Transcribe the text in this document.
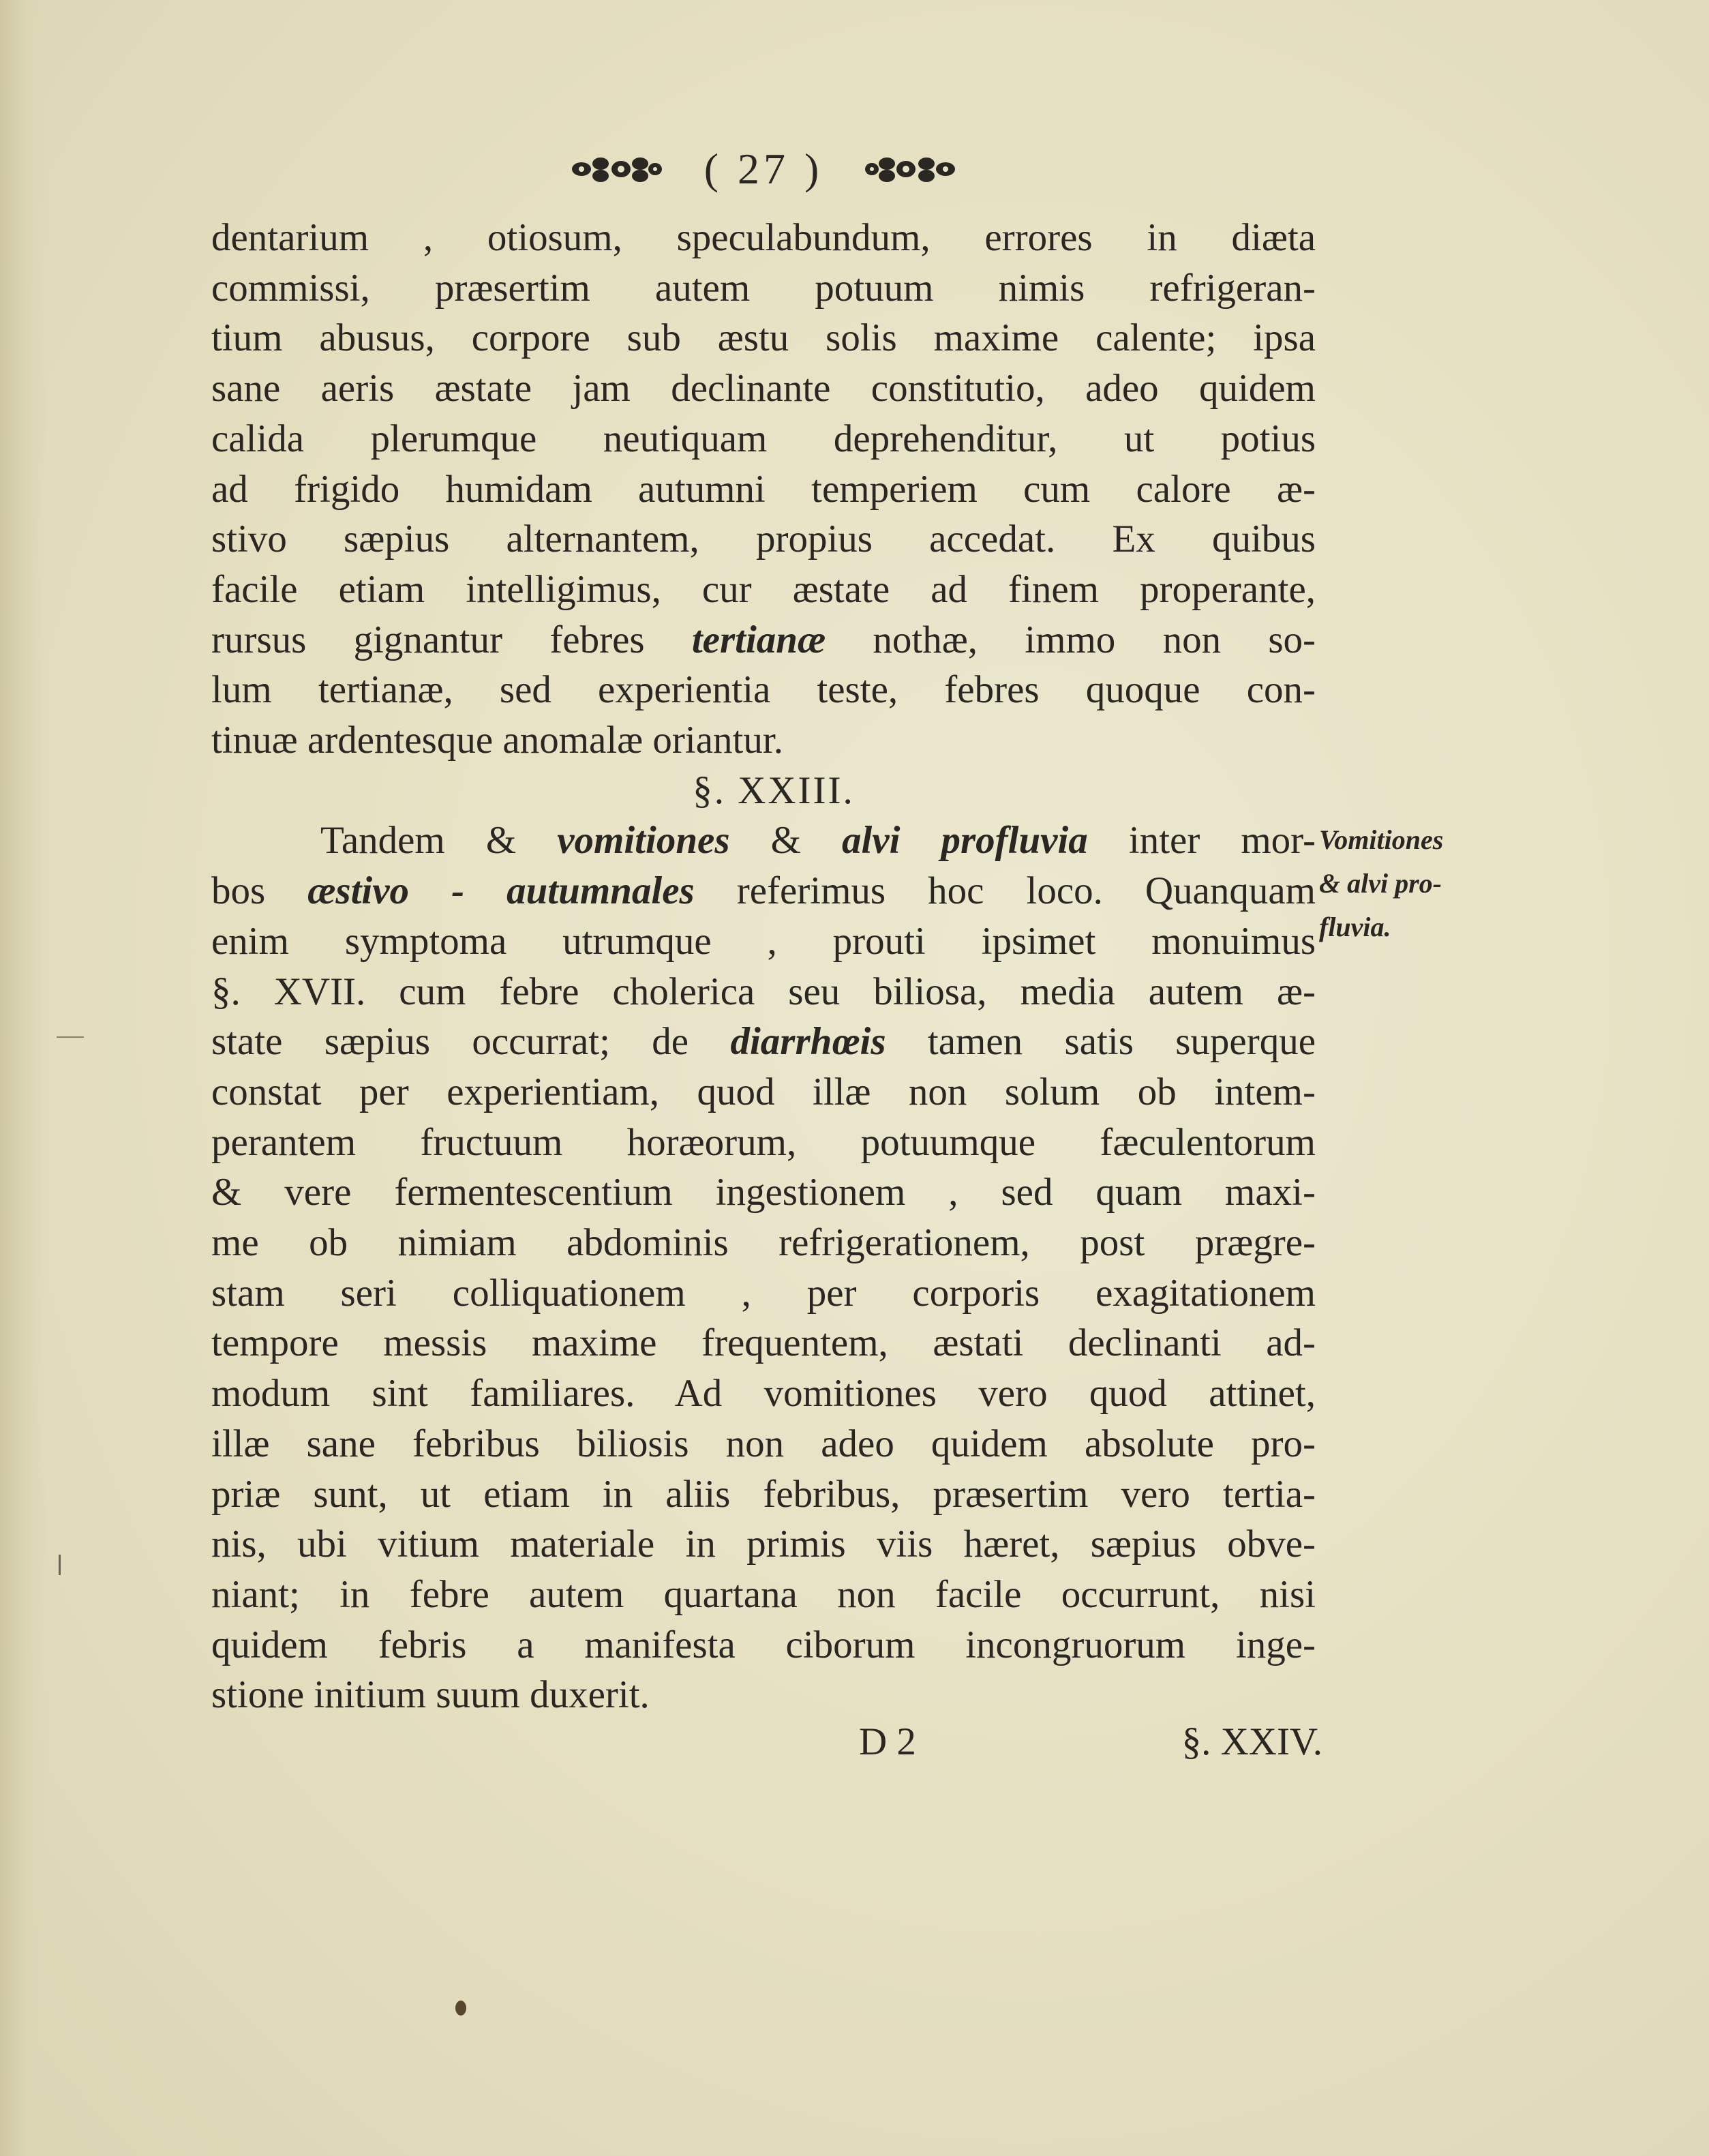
( 27 )
dentarium , otiosum, speculabundum, errores in diæta
commissi, præsertim autem potuum nimis refrigeran-
tium abusus, corpore sub æstu solis maxime calente; ipsa
sane aeris æstate jam declinante constitutio, adeo quidem
calida plerumque neutiquam deprehenditur, ut potius
ad frigido humidam autumni temperiem cum calore æ-
stivo sæpius alternantem, propius accedat. Ex quibus
facile etiam intelligimus, cur æstate ad finem properante,
rursus gignantur febres tertianæ nothæ, immo non so-
lum tertianæ, sed experientia teste, febres quoque con-
tinuæ ardentesque anomalæ oriantur.
§. XXIII.
Tandem & vomitiones & alvi profluvia inter mor-
bos æstivo - autumnales referimus hoc loco. Quanquam
enim symptoma utrumque , prouti ipsimet monuimus
§. XVII. cum febre cholerica seu biliosa, media autem æ-
state sæpius occurrat; de diarrhœis tamen satis superque
constat per experientiam, quod illæ non solum ob intem-
perantem fructuum horæorum, potuumque fæculentorum
& vere fermentescentium ingestionem , sed quam maxi-
me ob nimiam abdominis refrigerationem, post prægre-
stam seri colliquationem , per corporis exagitationem
tempore messis maxime frequentem, æstati declinanti ad-
modum sint familiares. Ad vomitiones vero quod attinet,
illæ sane febribus biliosis non adeo quidem absolute pro-
priæ sunt, ut etiam in aliis febribus, præsertim vero tertia-
nis, ubi vitium materiale in primis viis hæret, sæpius obve-
niant; in febre autem quartana non facile occurrunt, nisi
quidem febris a manifesta ciborum incongruorum inge-
stione initium suum duxerit.
Vomitiones
& alvi pro-
fluvia.
D 2	§. XXIV.
